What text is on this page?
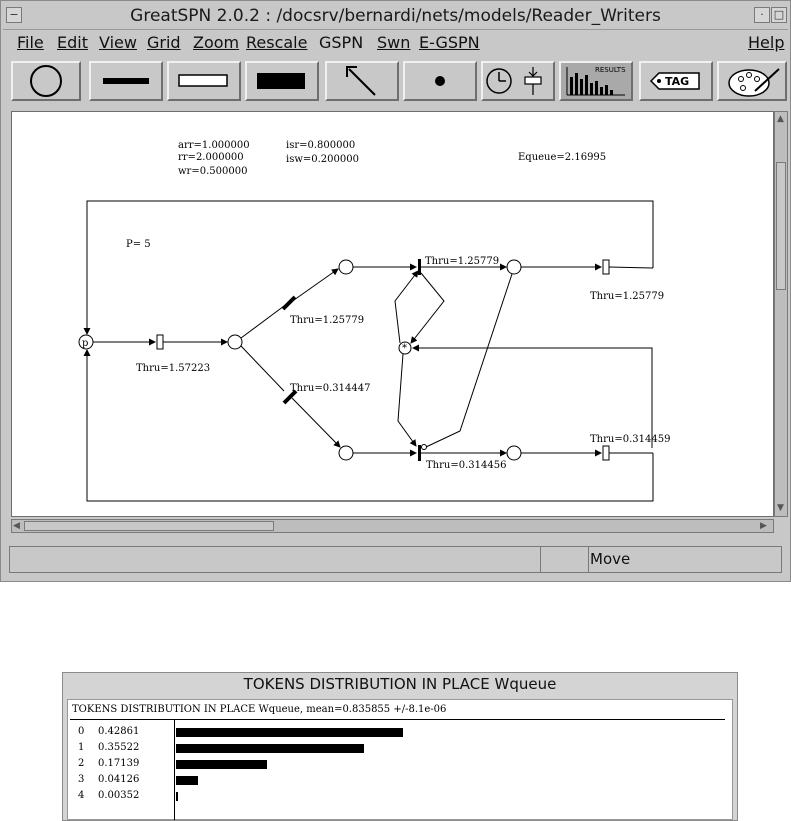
−	GreatSPN 2.0.2 : /docsrv/bernardi/nets/models/Reader_Writers	· □
File Edit View Grid Zoom Rescale GSPN Swn E-GSPN	Help
RESULTS
TAG
arr=1.000000
rr=2.000000
wr=0.500000
isr=0.800000
isw=0.200000	Equeue=2.16995
P= 5
p
Thru=1.57223
Thru=1.25779
Thru=1.25779
Thru=1.25779
Thru=0.314447
Thru=0.314456
Thru=0.314459
*
▲
▼
◀	▶
Move
TOKENS DISTRIBUTION IN PLACE Wqueue
TOKENS DISTRIBUTION IN PLACE Wqueue, mean=0.835855 +/-8.1e-06
0 0.42861
1 0.35522
2 0.17139
3 0.04126
4 0.00352
